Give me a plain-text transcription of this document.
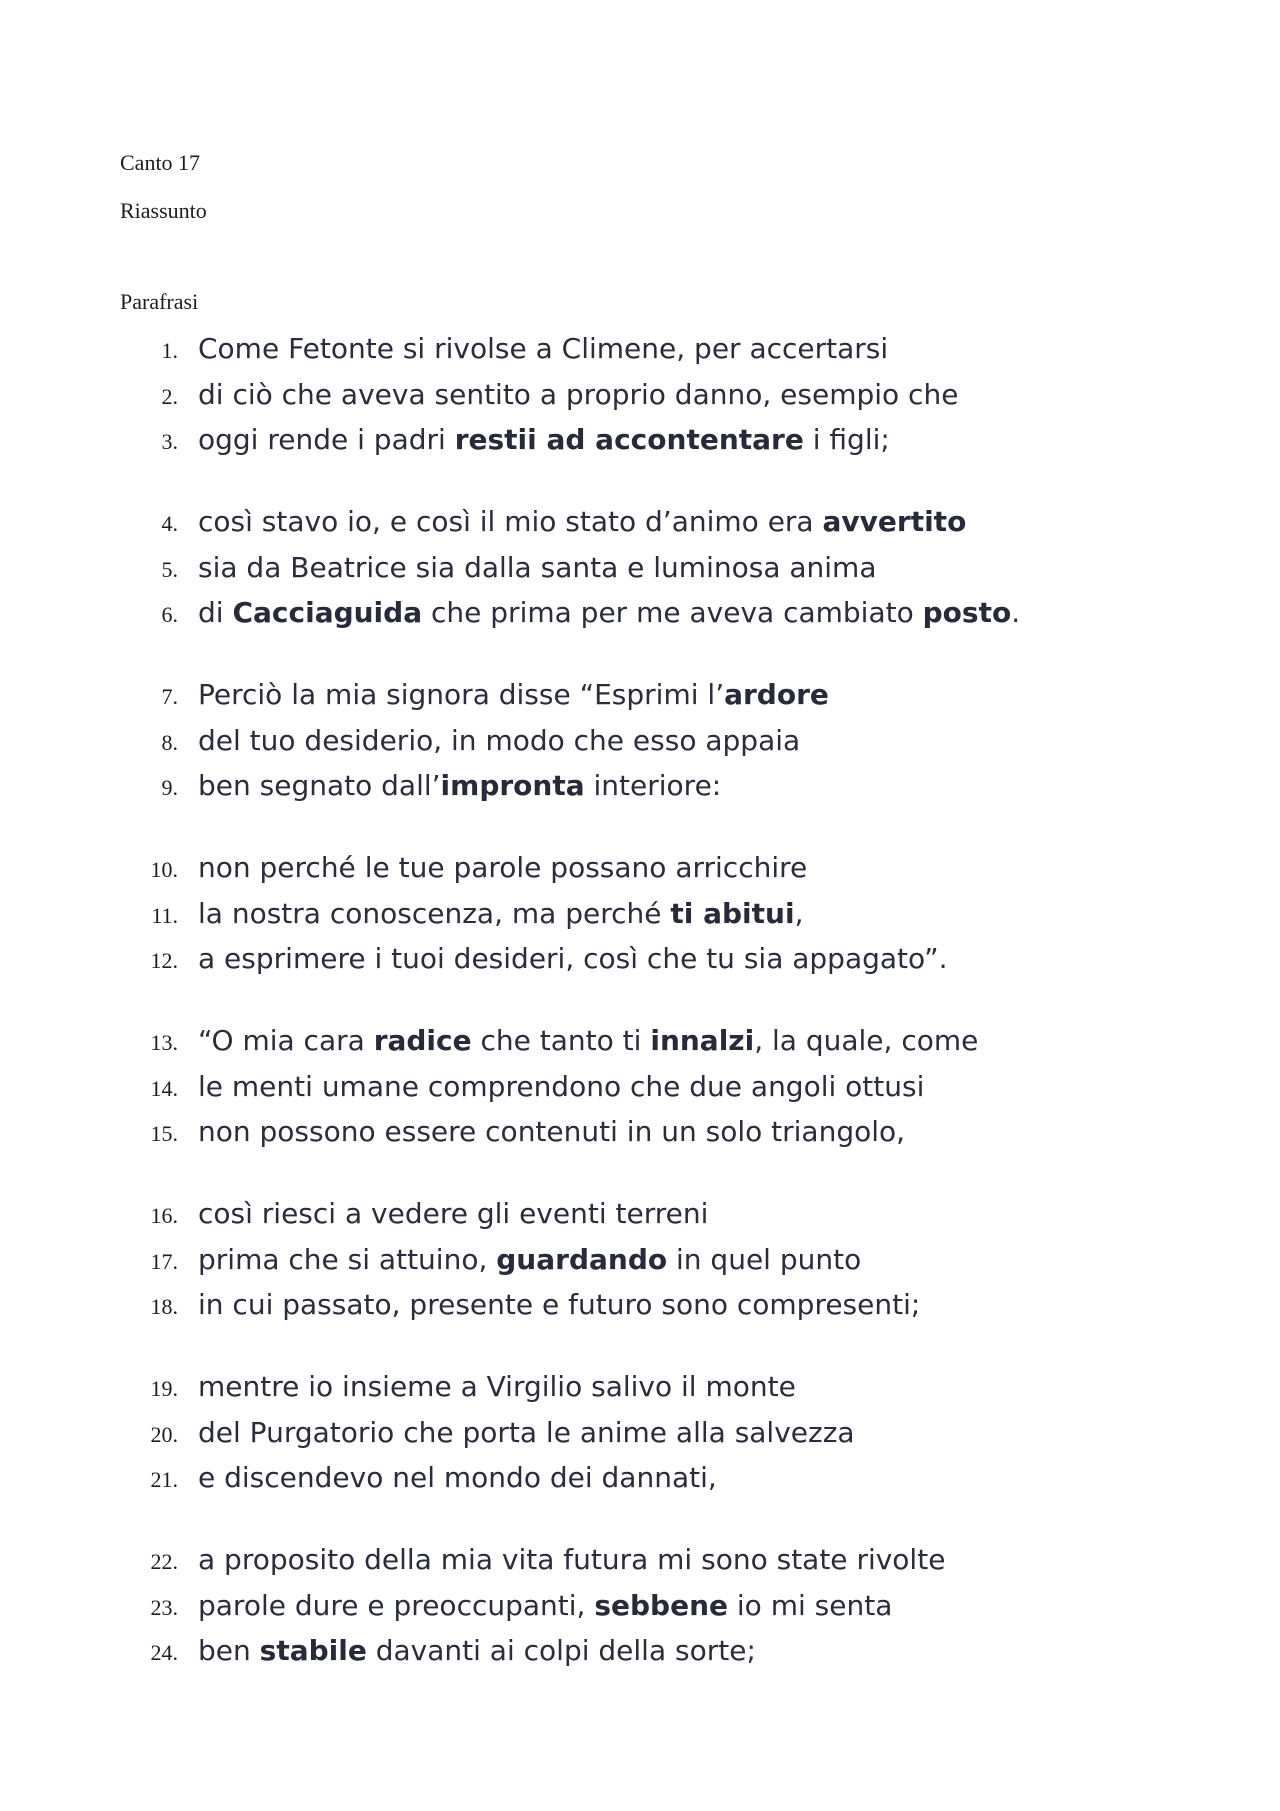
Canto 17

Riassunto

Parafrasi

1. Come Fetonte si rivolse a Climene, per accertarsi
2. di ciò che aveva sentito a proprio danno, esempio che
3. oggi rende i padri restii ad accontentare i figli;
4. così stavo io, e così il mio stato d’animo era avvertito
5. sia da Beatrice sia dalla santa e luminosa anima
6. di Cacciaguida che prima per me aveva cambiato posto.
7. Perciò la mia signora disse “Esprimi l’ardore
8. del tuo desiderio, in modo che esso appaia
9. ben segnato dall’impronta interiore:
10. non perché le tue parole possano arricchire
11. la nostra conoscenza, ma perché ti abitui,
12. a esprimere i tuoi desideri, così che tu sia appagato”.
13. “O mia cara radice che tanto ti innalzi, la quale, come
14. le menti umane comprendono che due angoli ottusi
15. non possono essere contenuti in un solo triangolo,
16. così riesci a vedere gli eventi terreni
17. prima che si attuino, guardando in quel punto
18. in cui passato, presente e futuro sono compresenti;
19. mentre io insieme a Virgilio salivo il monte
20. del Purgatorio che porta le anime alla salvezza
21. e discendevo nel mondo dei dannati,
22. a proposito della mia vita futura mi sono state rivolte
23. parole dure e preoccupanti, sebbene io mi senta
24. ben stabile davanti ai colpi della sorte;
